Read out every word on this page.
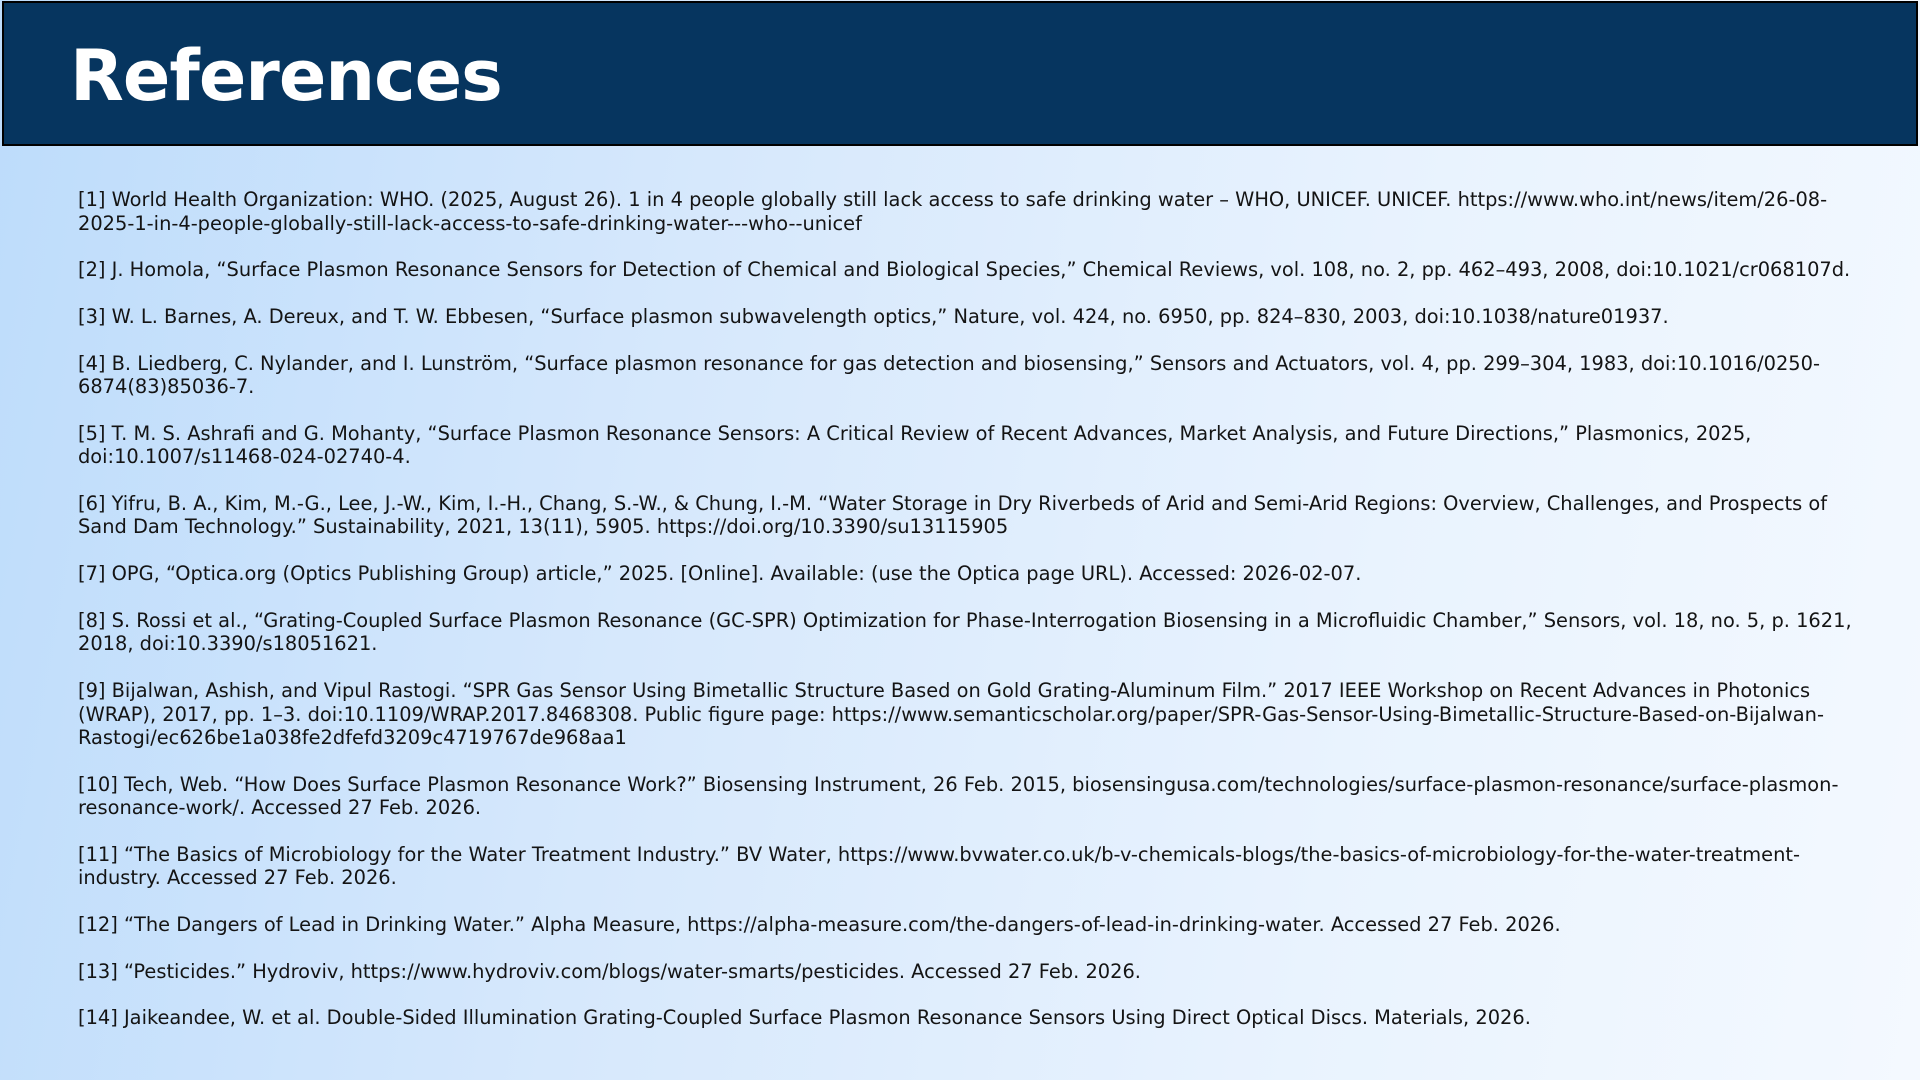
References
[1] World Health Organization: WHO. (2025, August 26). 1 in 4 people globally still lack access to safe drinking water – WHO, UNICEF. UNICEF. https://www.who.int/news/item/26-08-2025-1-in-4-people-globally-still-lack-access-to-safe-drinking-water---who--unicef
[2] J. Homola, “Surface Plasmon Resonance Sensors for Detection of Chemical and Biological Species,” Chemical Reviews, vol. 108, no. 2, pp. 462–493, 2008, doi:10.1021/cr068107d.
[3] W. L. Barnes, A. Dereux, and T. W. Ebbesen, “Surface plasmon subwavelength optics,” Nature, vol. 424, no. 6950, pp. 824–830, 2003, doi:10.1038/nature01937.
[4] B. Liedberg, C. Nylander, and I. Lunström, “Surface plasmon resonance for gas detection and biosensing,” Sensors and Actuators, vol. 4, pp. 299–304, 1983, doi:10.1016/0250-6874(83)85036-7.
[5] T. M. S. Ashrafi and G. Mohanty, “Surface Plasmon Resonance Sensors: A Critical Review of Recent Advances, Market Analysis, and Future Directions,” Plasmonics, 2025, doi:10.1007/s11468-024-02740-4.
[6] Yifru, B. A., Kim, M.-G., Lee, J.-W., Kim, I.-H., Chang, S.-W., & Chung, I.-M. “Water Storage in Dry Riverbeds of Arid and Semi-Arid Regions: Overview, Challenges, and Prospects of Sand Dam Technology.” Sustainability, 2021, 13(11), 5905. https://doi.org/10.3390/su13115905
[7] OPG, “Optica.org (Optics Publishing Group) article,” 2025. [Online]. Available: (use the Optica page URL). Accessed: 2026-02-07.
[8] S. Rossi et al., “Grating-Coupled Surface Plasmon Resonance (GC-SPR) Optimization for Phase-Interrogation Biosensing in a Microfluidic Chamber,” Sensors, vol. 18, no. 5, p. 1621, 2018, doi:10.3390/s18051621.
[9] Bijalwan, Ashish, and Vipul Rastogi. “SPR Gas Sensor Using Bimetallic Structure Based on Gold Grating-Aluminum Film.” 2017 IEEE Workshop on Recent Advances in Photonics (WRAP), 2017, pp. 1–3. doi:10.1109/WRAP.2017.8468308. Public figure page: https://www.semanticscholar.org/paper/SPR-Gas-Sensor-Using-Bimetallic-Structure-Based-on-Bijalwan-Rastogi/ec626be1a038fe2dfefd3209c4719767de968aa1
[10] Tech, Web. “How Does Surface Plasmon Resonance Work?” Biosensing Instrument, 26 Feb. 2015, biosensingusa.com/technologies/surface-plasmon-resonance/surface-plasmon-resonance-work/. Accessed 27 Feb. 2026.
[11] “The Basics of Microbiology for the Water Treatment Industry.” BV Water, https://www.bvwater.co.uk/b-v-chemicals-blogs/the-basics-of-microbiology-for-the-water-treatment-industry. Accessed 27 Feb. 2026.
[12] “The Dangers of Lead in Drinking Water.” Alpha Measure, https://alpha-measure.com/the-dangers-of-lead-in-drinking-water. Accessed 27 Feb. 2026.
[13] “Pesticides.” Hydroviv, https://www.hydroviv.com/blogs/water-smarts/pesticides. Accessed 27 Feb. 2026.
[14] Jaikeandee, W. et al. Double-Sided Illumination Grating-Coupled Surface Plasmon Resonance Sensors Using Direct Optical Discs. Materials, 2026.
